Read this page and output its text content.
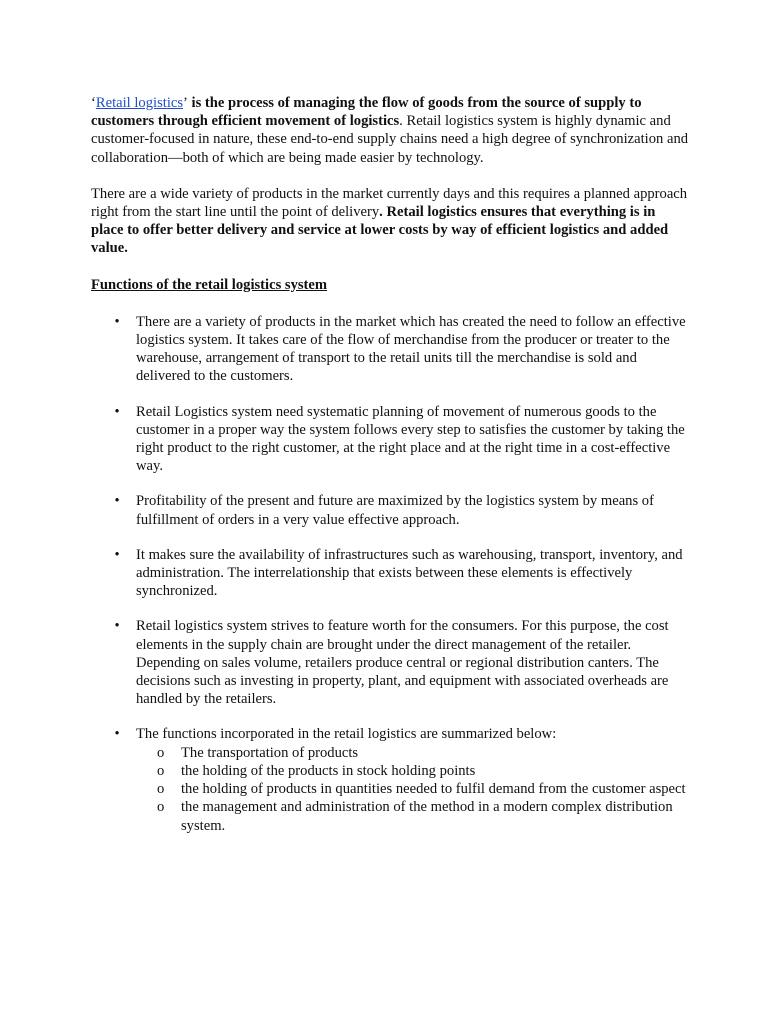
‘Retail logistics’ is the process of managing the flow of goods from the source of supply to customers through efficient movement of logistics. Retail logistics system is highly dynamic and customer-focused in nature, these end-to-end supply chains need a high degree of synchronization and collaboration—both of which are being made easier by technology.

There are a wide variety of products in the market currently days and this requires a planned approach right from the start line until the point of delivery. Retail logistics ensures that everything is in place to offer better delivery and service at lower costs by way of efficient logistics and added value.

Functions of the retail logistics system

• There are a variety of products in the market which has created the need to follow an effective logistics system. It takes care of the flow of merchandise from the producer or treater to the warehouse, arrangement of transport to the retail units till the merchandise is sold and delivered to the customers.
• Retail Logistics system need systematic planning of movement of numerous goods to the customer in a proper way the system follows every step to satisfies the customer by taking the right product to the right customer, at the right place and at the right time in a cost-effective way.
• Profitability of the present and future are maximized by the logistics system by means of fulfillment of orders in a very value effective approach.
• It makes sure the availability of infrastructures such as warehousing, transport, inventory, and administration. The interrelationship that exists between these elements is effectively synchronized.
• Retail logistics system strives to feature worth for the consumers. For this purpose, the cost elements in the supply chain are brought under the direct management of the retailer. Depending on sales volume, retailers produce central or regional distribution canters. The decisions such as investing in property, plant, and equipment with associated overheads are handled by the retailers.
• The functions incorporated in the retail logistics are summarized below:
o The transportation of products
o the holding of the products in stock holding points
o the holding of products in quantities needed to fulfil demand from the customer aspect
o the management and administration of the method in a modern complex distribution system.
